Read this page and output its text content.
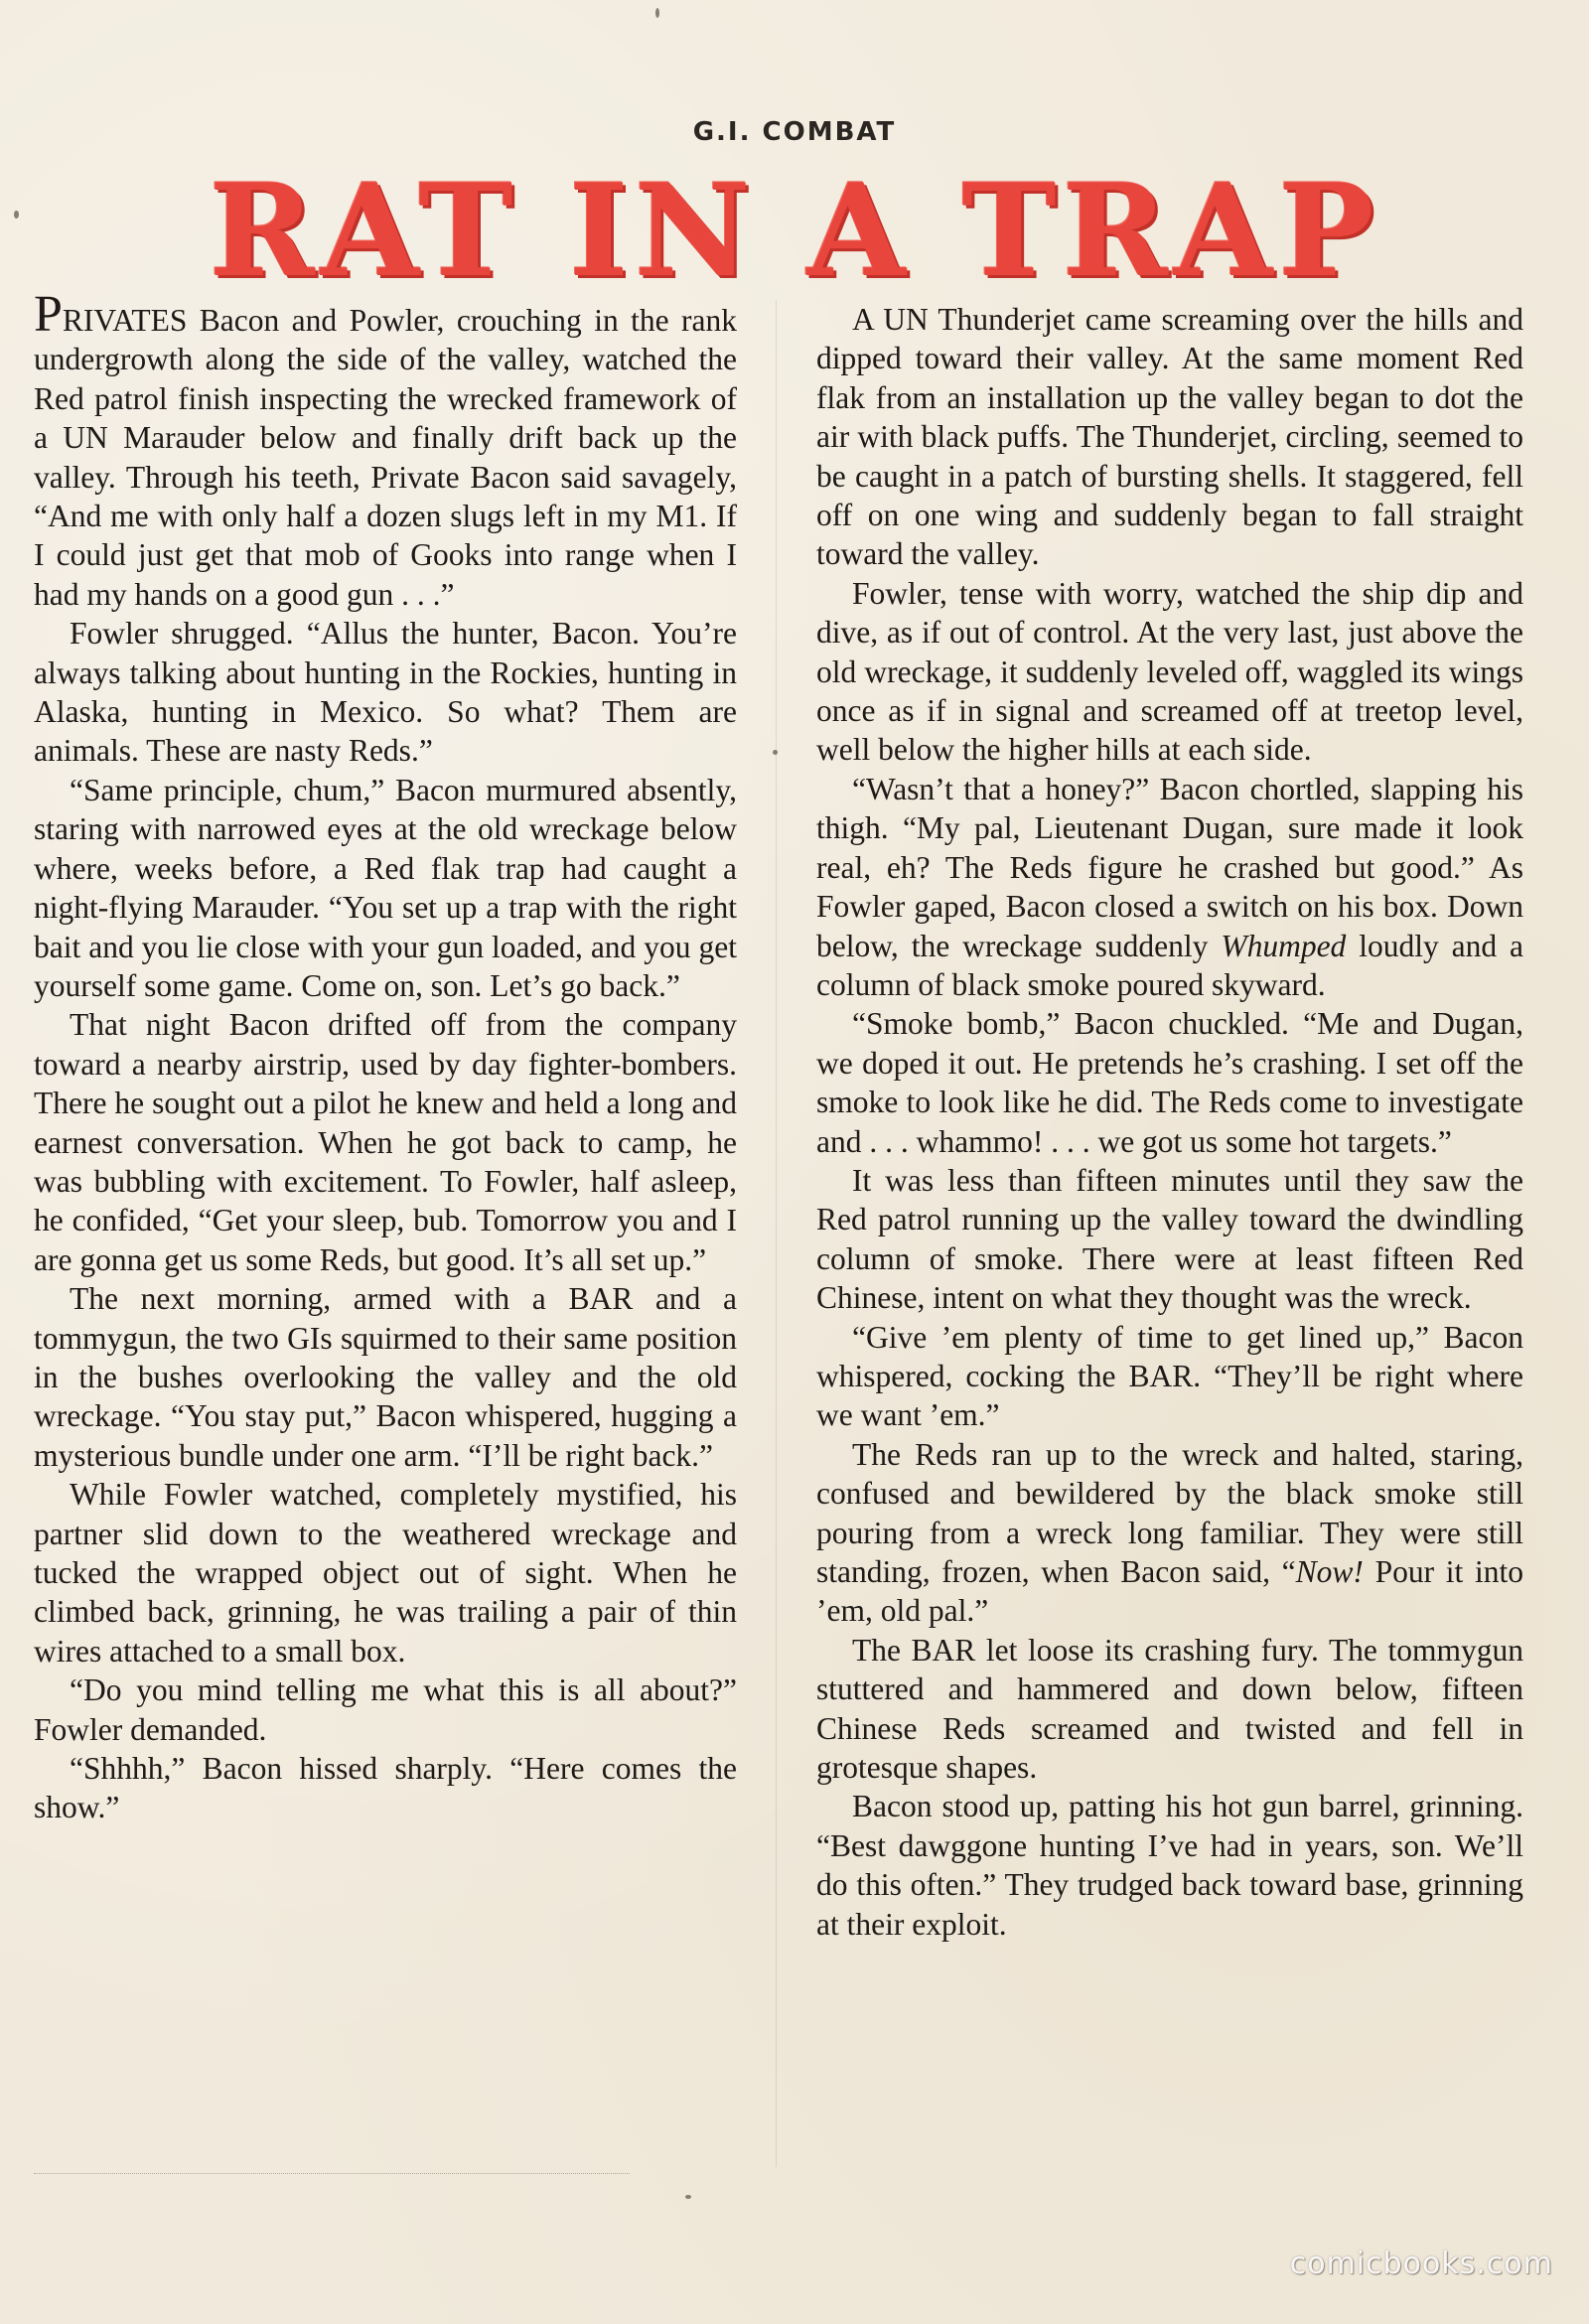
G.I. COMBAT
RAT IN A TRAP

PRIVATES Bacon and Powler, crouching in the rank undergrowth along the side of the valley, watched the Red patrol finish inspecting the wrecked framework of a UN Marauder below and finally drift back up the valley. Through his teeth, Private Bacon said savagely, “And me with only half a dozen slugs left in my M1. If I could just get that mob of Gooks into range when I had my hands on a good gun . . .”

Fowler shrugged. “Allus the hunter, Bacon. You’re always talking about hunting in the Rockies, hunting in Alaska, hunting in Mexico. So what? Them are animals. These are nasty Reds.”

“Same principle, chum,” Bacon murmured absently, staring with narrowed eyes at the old wreckage below where, weeks before, a Red flak trap had caught a night-flying Marauder. “You set up a trap with the right bait and you lie close with your gun loaded, and you get yourself some game. Come on, son. Let’s go back.”

That night Bacon drifted off from the company toward a nearby airstrip, used by day fighter-bombers. There he sought out a pilot he knew and held a long and earnest conversation. When he got back to camp, he was bubbling with excitement. To Fowler, half asleep, he confided, “Get your sleep, bub. Tomorrow you and I are gonna get us some Reds, but good. It’s all set up.”

The next morning, armed with a BAR and a tommygun, the two GIs squirmed to their same position in the bushes overlooking the valley and the old wreckage. “You stay put,” Bacon whispered, hugging a mysterious bundle under one arm. “I’ll be right back.”

While Fowler watched, completely mystified, his partner slid down to the weathered wreckage and tucked the wrapped object out of sight. When he climbed back, grinning, he was trailing a pair of thin wires attached to a small box.

“Do you mind telling me what this is all about?” Fowler demanded.

“Shhhh,” Bacon hissed sharply. “Here comes the show.”

A UN Thunderjet came screaming over the hills and dipped toward their valley. At the same moment Red flak from an installation up the valley began to dot the air with black puffs. The Thunderjet, circling, seemed to be caught in a patch of bursting shells. It staggered, fell off on one wing and suddenly began to fall straight toward the valley.

Fowler, tense with worry, watched the ship dip and dive, as if out of control. At the very last, just above the old wreckage, it suddenly leveled off, waggled its wings once as if in signal and screamed off at treetop level, well below the higher hills at each side.

“Wasn’t that a honey?” Bacon chortled, slapping his thigh. “My pal, Lieutenant Dugan, sure made it look real, eh? The Reds figure he crashed but good.” As Fowler gaped, Bacon closed a switch on his box. Down below, the wreckage suddenly Whumped loudly and a column of black smoke poured skyward.

“Smoke bomb,” Bacon chuckled. “Me and Dugan, we doped it out. He pretends he’s crashing. I set off the smoke to look like he did. The Reds come to investigate and . . . whammo! . . . we got us some hot targets.”

It was less than fifteen minutes until they saw the Red patrol running up the valley toward the dwindling column of smoke. There were at least fifteen Red Chinese, intent on what they thought was the wreck.

“Give ’em plenty of time to get lined up,” Bacon whispered, cocking the BAR. “They’ll be right where we want ’em.”

The Reds ran up to the wreck and halted, staring, confused and bewildered by the black smoke still pouring from a wreck long familiar. They were still standing, frozen, when Bacon said, “Now! Pour it into ’em, old pal.”

The BAR let loose its crashing fury. The tommygun stuttered and hammered and down below, fifteen Chinese Reds screamed and twisted and fell in grotesque shapes.

Bacon stood up, patting his hot gun barrel, grinning. “Best dawggone hunting I’ve had in years, son. We’ll do this often.” They trudged back toward base, grinning at their exploit.

comicbooks.com
